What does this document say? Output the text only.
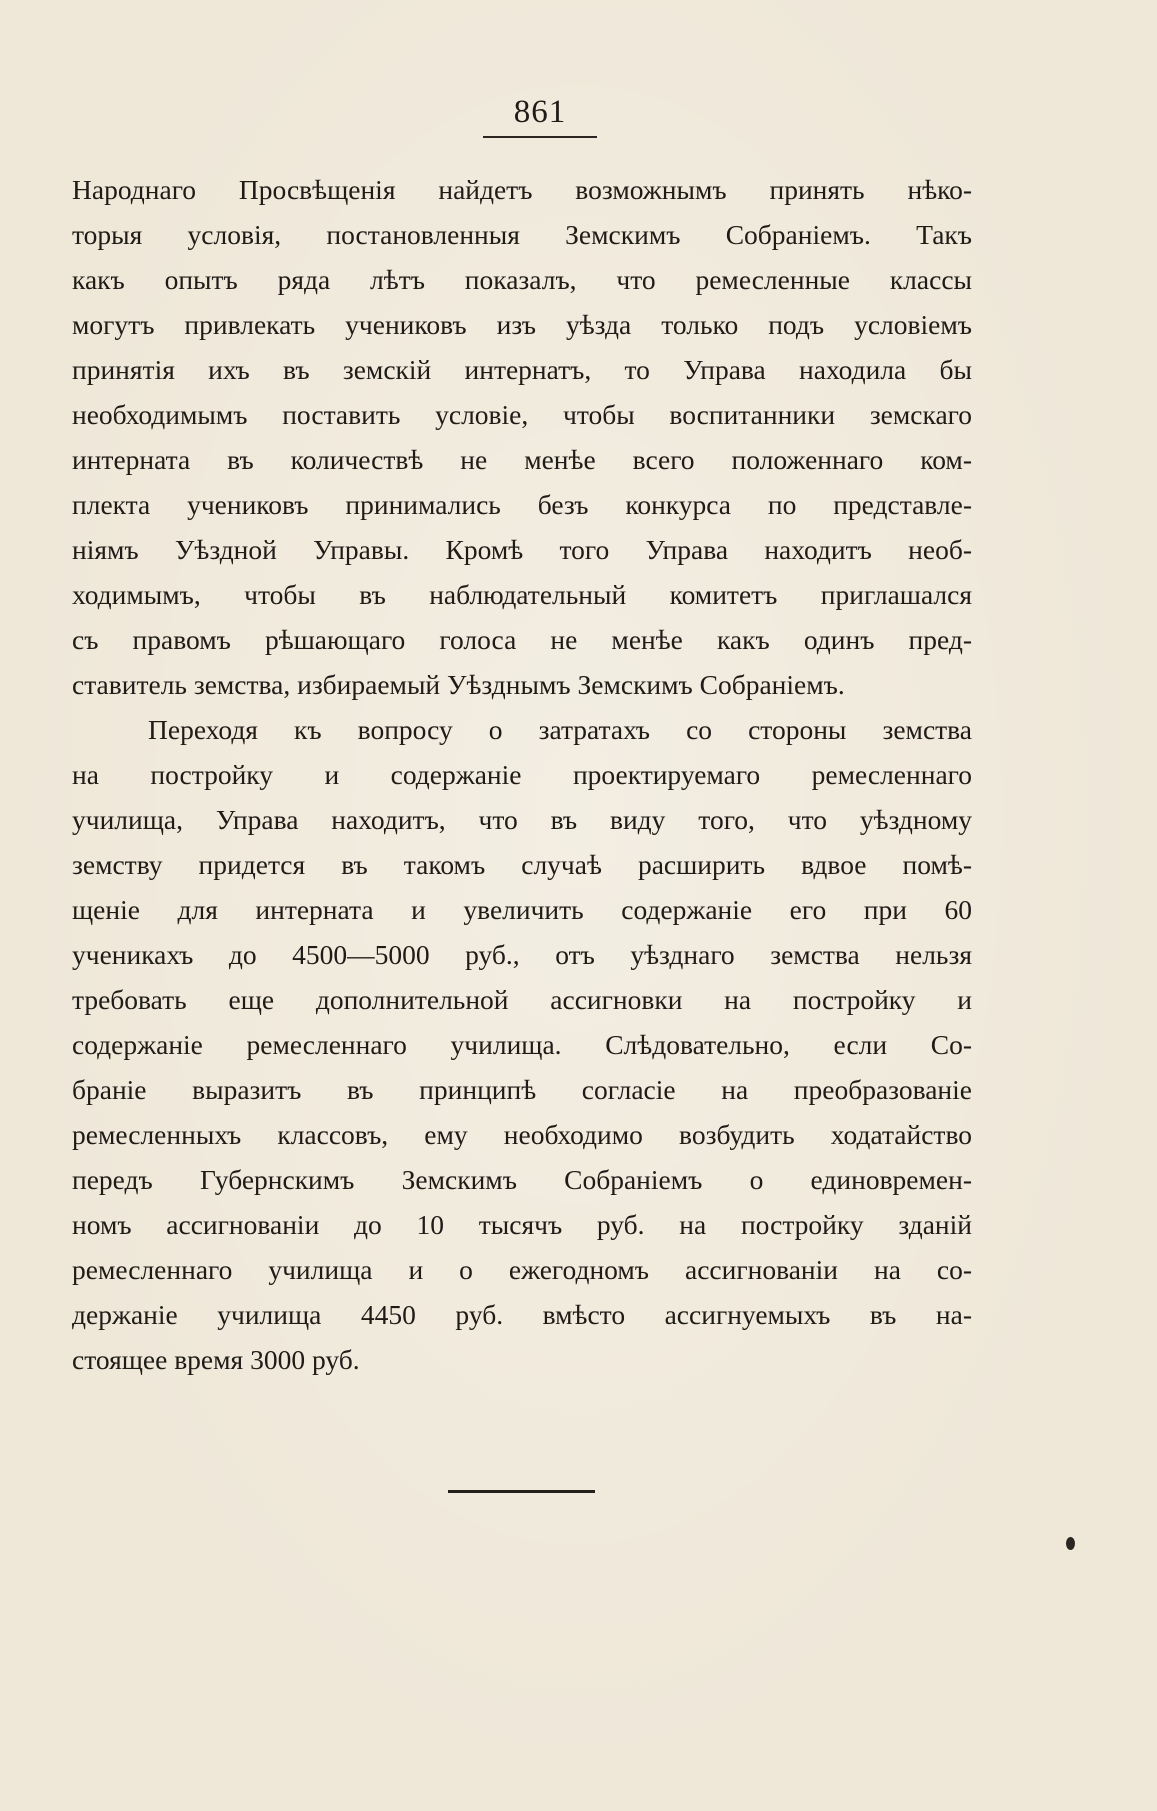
861
Народнаго Просвѣщенія найдетъ возможнымъ принять нѣко-
торыя условія, постановленныя Земскимъ Собраніемъ. Такъ
какъ опытъ ряда лѣтъ показалъ, что ремесленные классы
могутъ привлекать учениковъ изъ уѣзда только подъ условіемъ
принятія ихъ въ земскій интернатъ, то Управа находила бы
необходимымъ поставить условіе, чтобы воспитанники земскаго
интерната въ количествѣ не менѣе всего положеннаго ком-
плекта учениковъ принимались безъ конкурса по представле-
ніямъ Уѣздной Управы. Кромѣ того Управа находитъ необ-
ходимымъ, чтобы въ наблюдательный комитетъ приглашался
съ правомъ рѣшающаго голоса не менѣе какъ одинъ пред-
ставитель земства, избираемый Уѣзднымъ Земскимъ Собраніемъ.
Переходя къ вопросу о затратахъ со стороны земства
на постройку и содержаніе проектируемаго ремесленнаго
училища, Управа находитъ, что въ виду того, что уѣздному
земству придется въ такомъ случаѣ расширить вдвое помѣ-
щеніе для интерната и увеличить содержаніе его при 60
ученикахъ до 4500—5000 руб., отъ уѣзднаго земства нельзя
требовать еще дополнительной ассигновки на постройку и
содержаніе ремесленнаго училища. Слѣдовательно, если Со-
браніе выразитъ въ принципѣ согласіе на преобразованіе
ремесленныхъ классовъ, ему необходимо возбудить ходатайство
передъ Губернскимъ Земскимъ Собраніемъ о единовремен-
номъ ассигнованіи до 10 тысячъ руб. на постройку зданій
ремесленнаго училища и о ежегодномъ ассигнованіи на со-
держаніе училища 4450 руб. вмѣсто ассигнуемыхъ въ на-
стоящее время 3000 руб.
